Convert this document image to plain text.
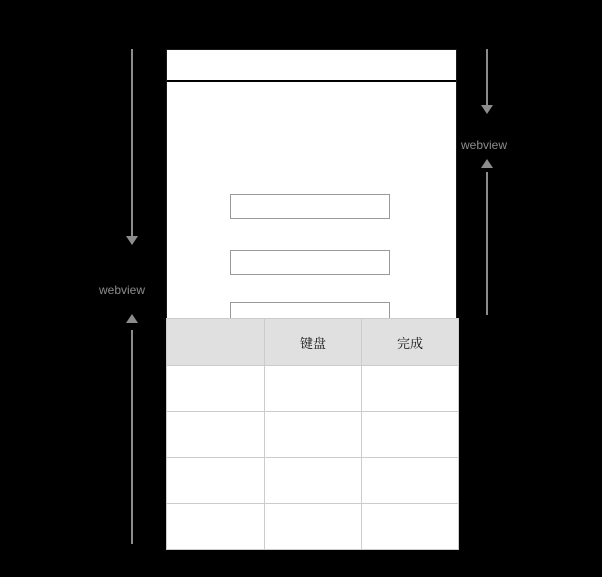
webview
webview
	键盘	完成
